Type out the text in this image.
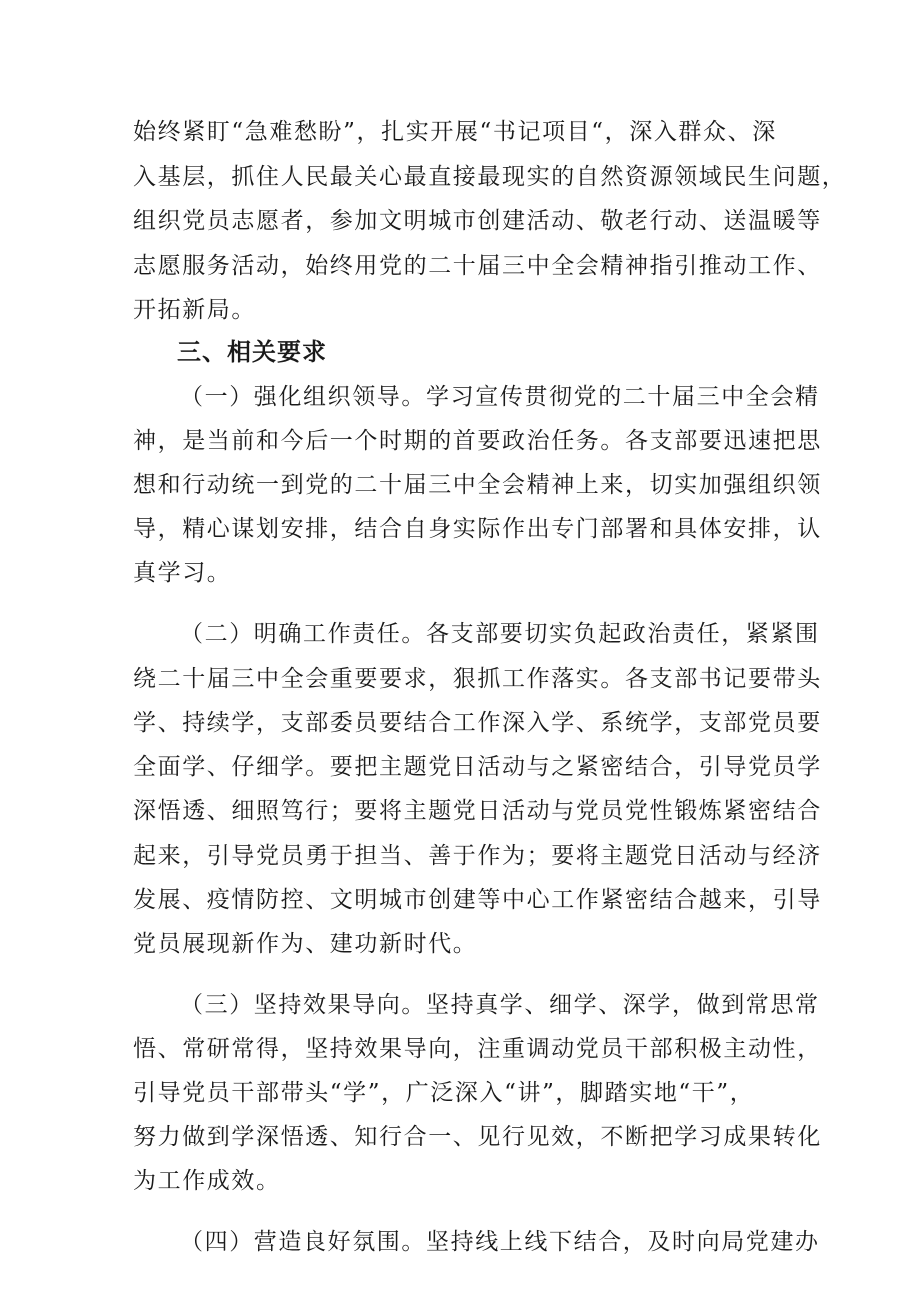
始终紧盯“急难愁盼”，扎实开展“书记项目“，深入群众、深
入基层，抓住人民最关心最直接最现实的自然资源领域民生问题，
组织党员志愿者，参加文明城市创建活动、敬老行动、送温暖等
志愿服务活动，始终用党的二十届三中全会精神指引推动工作、
开拓新局。
三、相关要求
（一）强化组织领导。学习宣传贯彻党的二十届三中全会精
神，是当前和今后一个时期的首要政治任务。各支部要迅速把思
想和行动统一到党的二十届三中全会精神上来，切实加强组织领
导，精心谋划安排，结合自身实际作出专门部署和具体安排，认
真学习。
（二）明确工作责任。各支部要切实负起政治责任，紧紧围
绕二十届三中全会重要要求，狠抓工作落实。各支部书记要带头
学、持续学，支部委员要结合工作深入学、系统学，支部党员要
全面学、仔细学。要把主题党日活动与之紧密结合，引导党员学
深悟透、细照笃行；要将主题党日活动与党员党性锻炼紧密结合
起来，引导党员勇于担当、善于作为；要将主题党日活动与经济
发展、疫情防控、文明城市创建等中心工作紧密结合越来，引导
党员展现新作为、建功新时代。
（三）坚持效果导向。坚持真学、细学、深学，做到常思常
悟、常研常得，坚持效果导向，注重调动党员干部积极主动性，
引导党员干部带头“学”，广泛深入“讲”，脚踏实地“干”，
努力做到学深悟透、知行合一、见行见效，不断把学习成果转化
为工作成效。
（四）营造良好氛围。坚持线上线下结合，及时向局党建办
